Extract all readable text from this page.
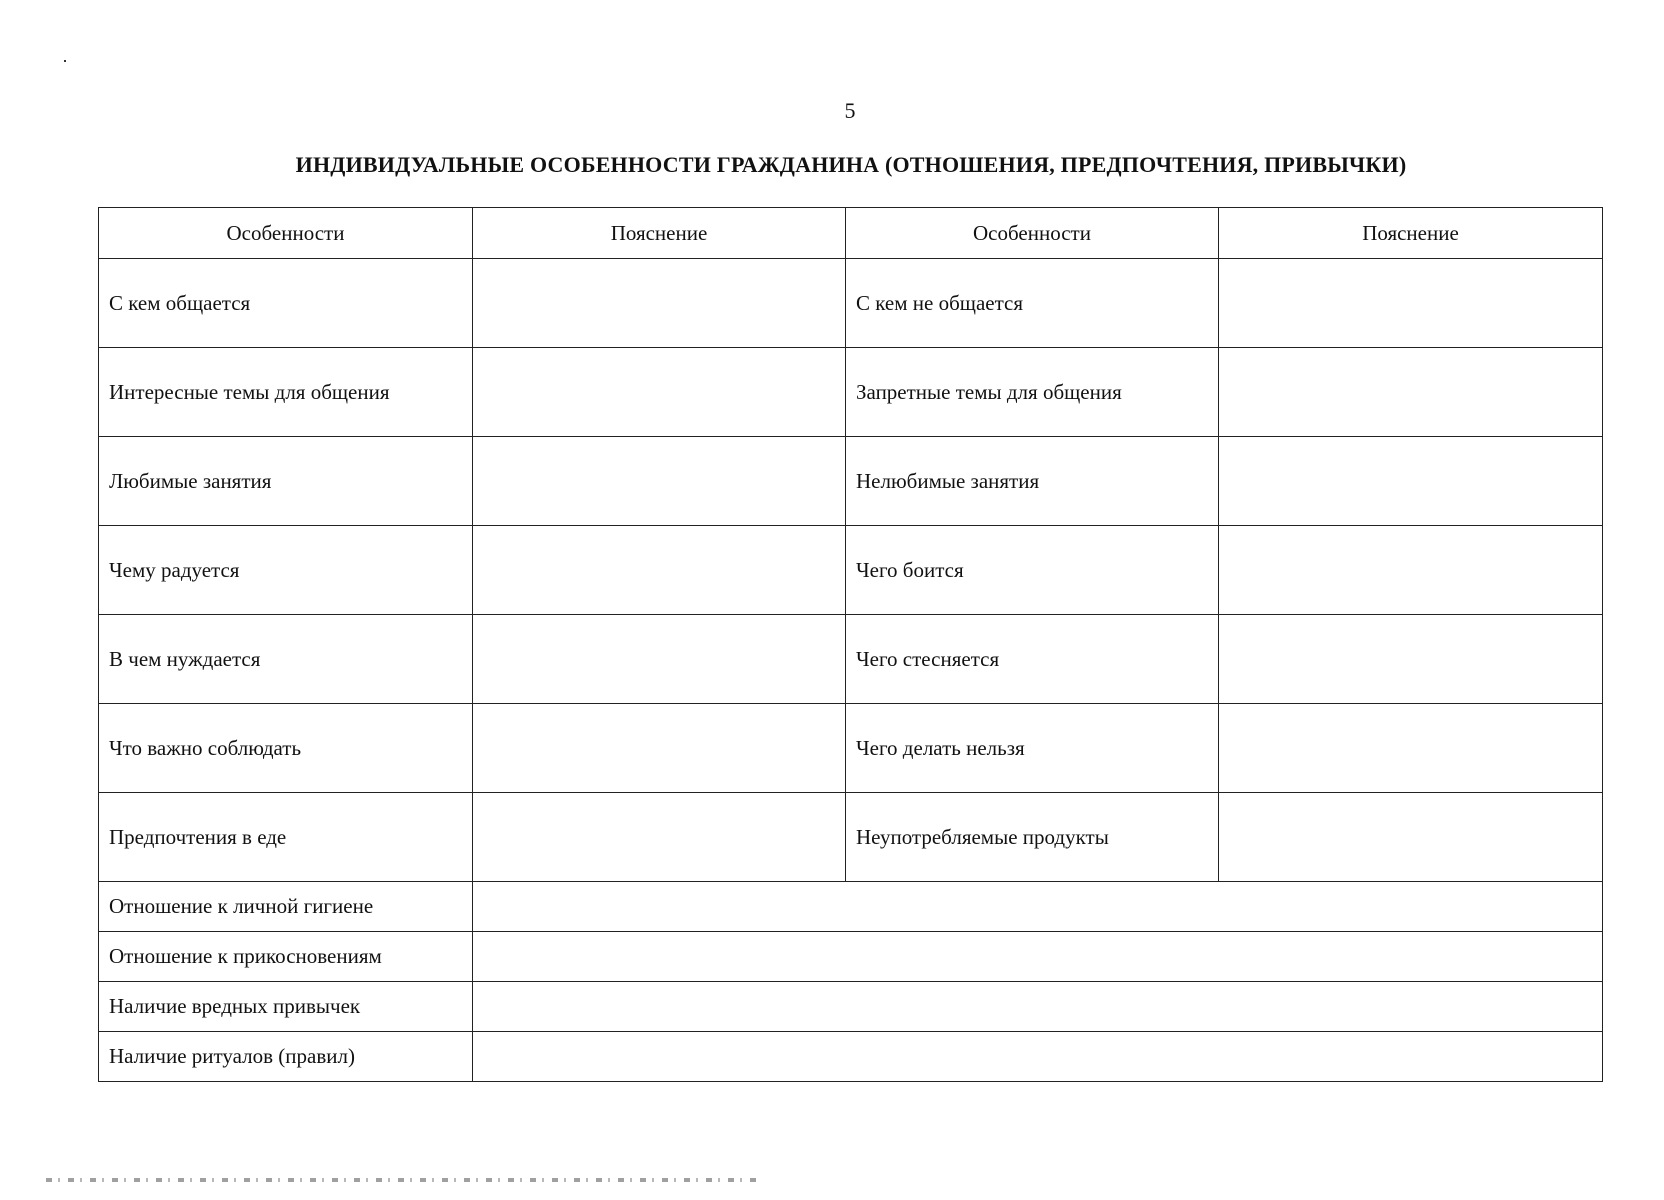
5
ИНДИВИДУАЛЬНЫЕ ОСОБЕННОСТИ ГРАЖДАНИНА (ОТНОШЕНИЯ, ПРЕДПОЧТЕНИЯ, ПРИВЫЧКИ)
Особенности	Пояснение	Особенности	Пояснение
С кем общается		С кем не общается	
Интересные темы для общения		Запретные темы для общения	
Любимые занятия		Нелюбимые занятия	
Чему радуется		Чего боится	
В чем нуждается		Чего стесняется	
Что важно соблюдать		Чего делать нельзя	
Предпочтения в еде		Неупотребляемые продукты	
Отношение к личной гигиене			
Отношение к прикосновениям			
Наличие вредных привычек			
Наличие ритуалов (правил)			
